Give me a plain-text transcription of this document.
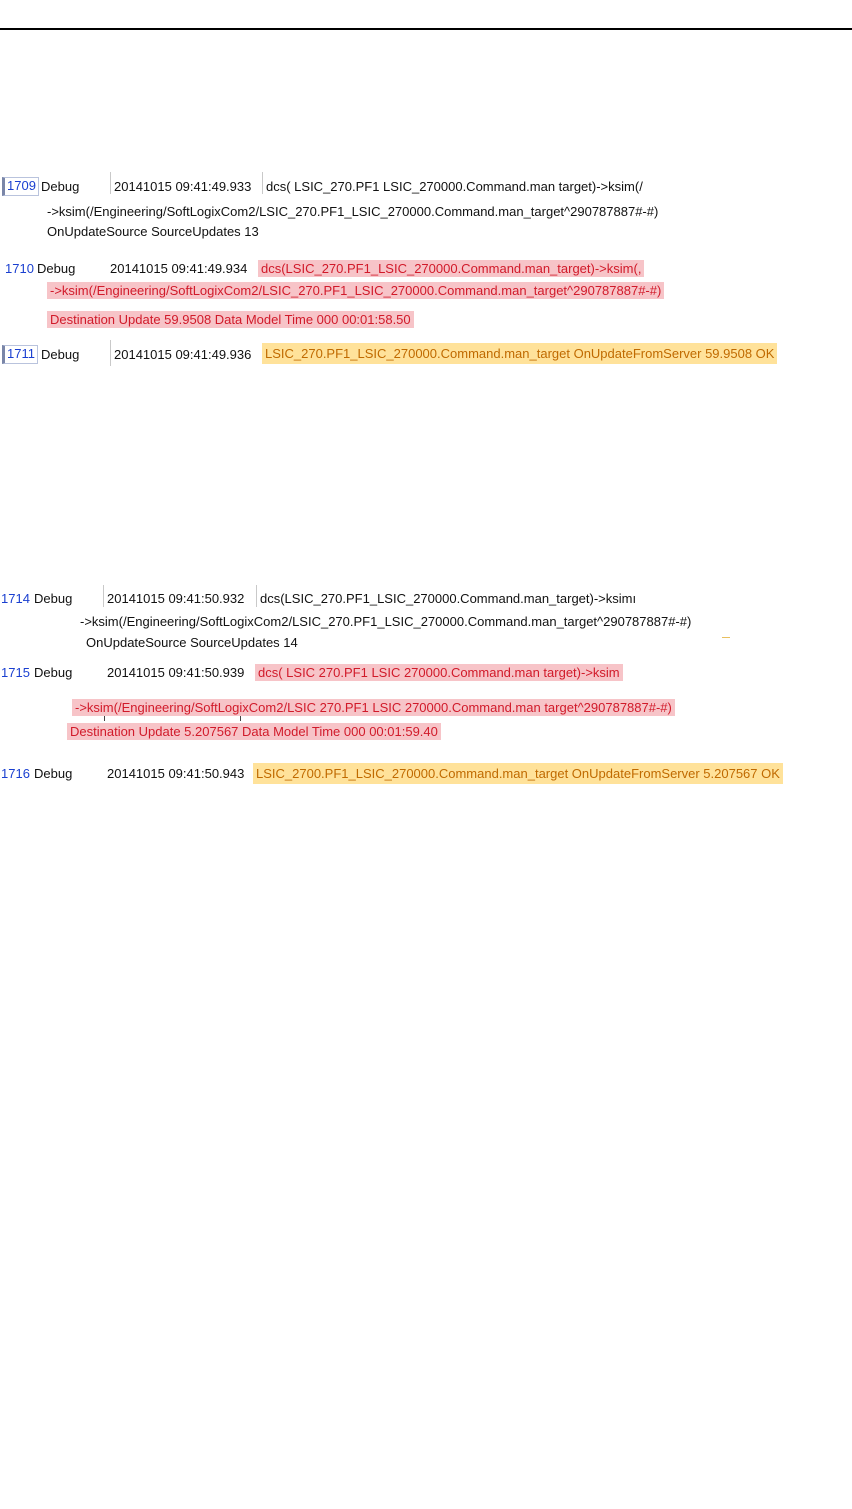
1709 Debug	20141015 09:41:49.933 dcs( LSIC_270.PF1 LSIC_270000.Command.man target)->ksim(/
->ksim(/Engineering/SoftLogixCom2/LSIC_270.PF1_LSIC_270000.Command.man_target^290787887#-#)
OnUpdateSource SourceUpdates 13
1710 Debug	20141015 09:41:49.934 dcs(LSIC_270.PF1_LSIC_270000.Command.man_target)->ksim(,
->ksim(/Engineering/SoftLogixCom2/LSIC_270.PF1_LSIC_270000.Command.man_target^290787887#-#)
Destination Update 59.9508 Data Model Time 000 00:01:58.50
1711 Debug	20141015 09:41:49.936 LSIC_270.PF1_LSIC_270000.Command.man_target OnUpdateFromServer 59.9508 OK
1714 Debug	20141015 09:41:50.932 dcs(LSIC_270.PF1_LSIC_270000.Command.man_target)->ksimı
->ksim(/Engineering/SoftLogixCom2/LSIC_270.PF1_LSIC_270000.Command.man_target^290787887#-#)
OnUpdateSource SourceUpdates 14
1715 Debug	20141015 09:41:50.939 dcs( LSIC 270.PF1 LSIC 270000.Command.man target)->ksim
->ksim(/Engineering/SoftLogixCom2/LSIC 270.PF1 LSIC 270000.Command.man target^290787887#-#)
Destination Update 5.207567 Data Model Time 000 00:01:59.40
1716 Debug	20141015 09:41:50.943 LSIC_2700.PF1_LSIC_270000.Command.man_target OnUpdateFromServer 5.207567 OK
